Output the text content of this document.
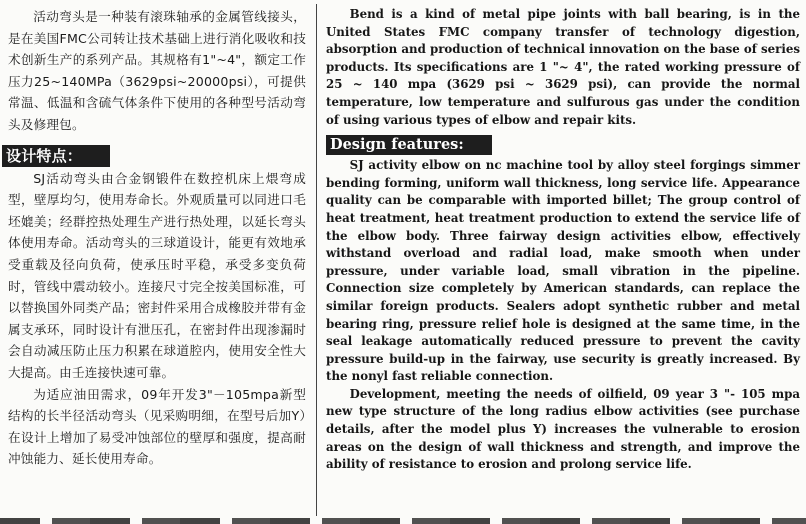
活动弯头是一种装有滚珠轴承的金属管线接头，是在美国FMC公司转让技术基础上进行消化吸收和技术创新生产的系列产品。其规格有1"~4"，额定工作压力25~140MPa（3629psi~20000psi），可提供常温、低温和含硫气体条件下使用的各种型号活动弯头及修理包。

设计特点：

SJ活动弯头由合金钢锻件在数控机床上煨弯成型，壁厚均匀，使用寿命长。外观质量可以同进口毛坯媲美；经群控热处理生产进行热处理，以延长弯头体使用寿命。活动弯头的三球道设计，能更有效地承受重载及径向负荷，使承压时平稳，承受多变负荷时，管线中震动较小。连接尺寸完全按美国标准，可以替换国外同类产品；密封件采用合成橡胶并带有金属支承环，同时设计有泄压孔，在密封件出现渗漏时会自动减压防止压力积累在球道腔内，使用安全性大大提高。由壬连接快速可靠。

为适应油田需求，09年开发3"－105mpa新型结构的长半径活动弯头（见采购明细，在型号后加Y）在设计上增加了易受冲蚀部位的壁厚和强度，提高耐冲蚀能力、延长使用寿命。

Bend is a kind of metal pipe joints with ball bearing, is in the United States FMC company transfer of technology digestion, absorption and production of technical innovation on the base of series products. Its specifications are 1 "~ 4", the rated working pressure of 25 ~ 140 mpa (3629 psi ~ 3629 psi), can provide the normal temperature, low temperature and sulfurous gas under the condition of using various types of elbow and repair kits.

Design features:

SJ activity elbow on nc machine tool by alloy steel forgings simmer bending forming, uniform wall thickness, long service life. Appearance quality can be comparable with imported billet; The group control of heat treatment, heat treatment production to extend the service life of the elbow body. Three fairway design activities elbow, effectively withstand overload and radial load, make smooth when under pressure, under variable load, small vibration in the pipeline. Connection size completely by American standards, can replace the similar foreign products. Sealers adopt synthetic rubber and metal bearing ring, pressure relief hole is designed at the same time, in the seal leakage automatically reduced pressure to prevent the cavity pressure build-up in the fairway, use security is greatly increased. By the nonyl fast reliable connection.

Development, meeting the needs of oilfield, 09 year 3 "- 105 mpa new type structure of the long radius elbow activities (see purchase details, after the model plus Y) increases the vulnerable to erosion areas on the design of wall thickness and strength, and improve the ability of resistance to erosion and prolong service life.
